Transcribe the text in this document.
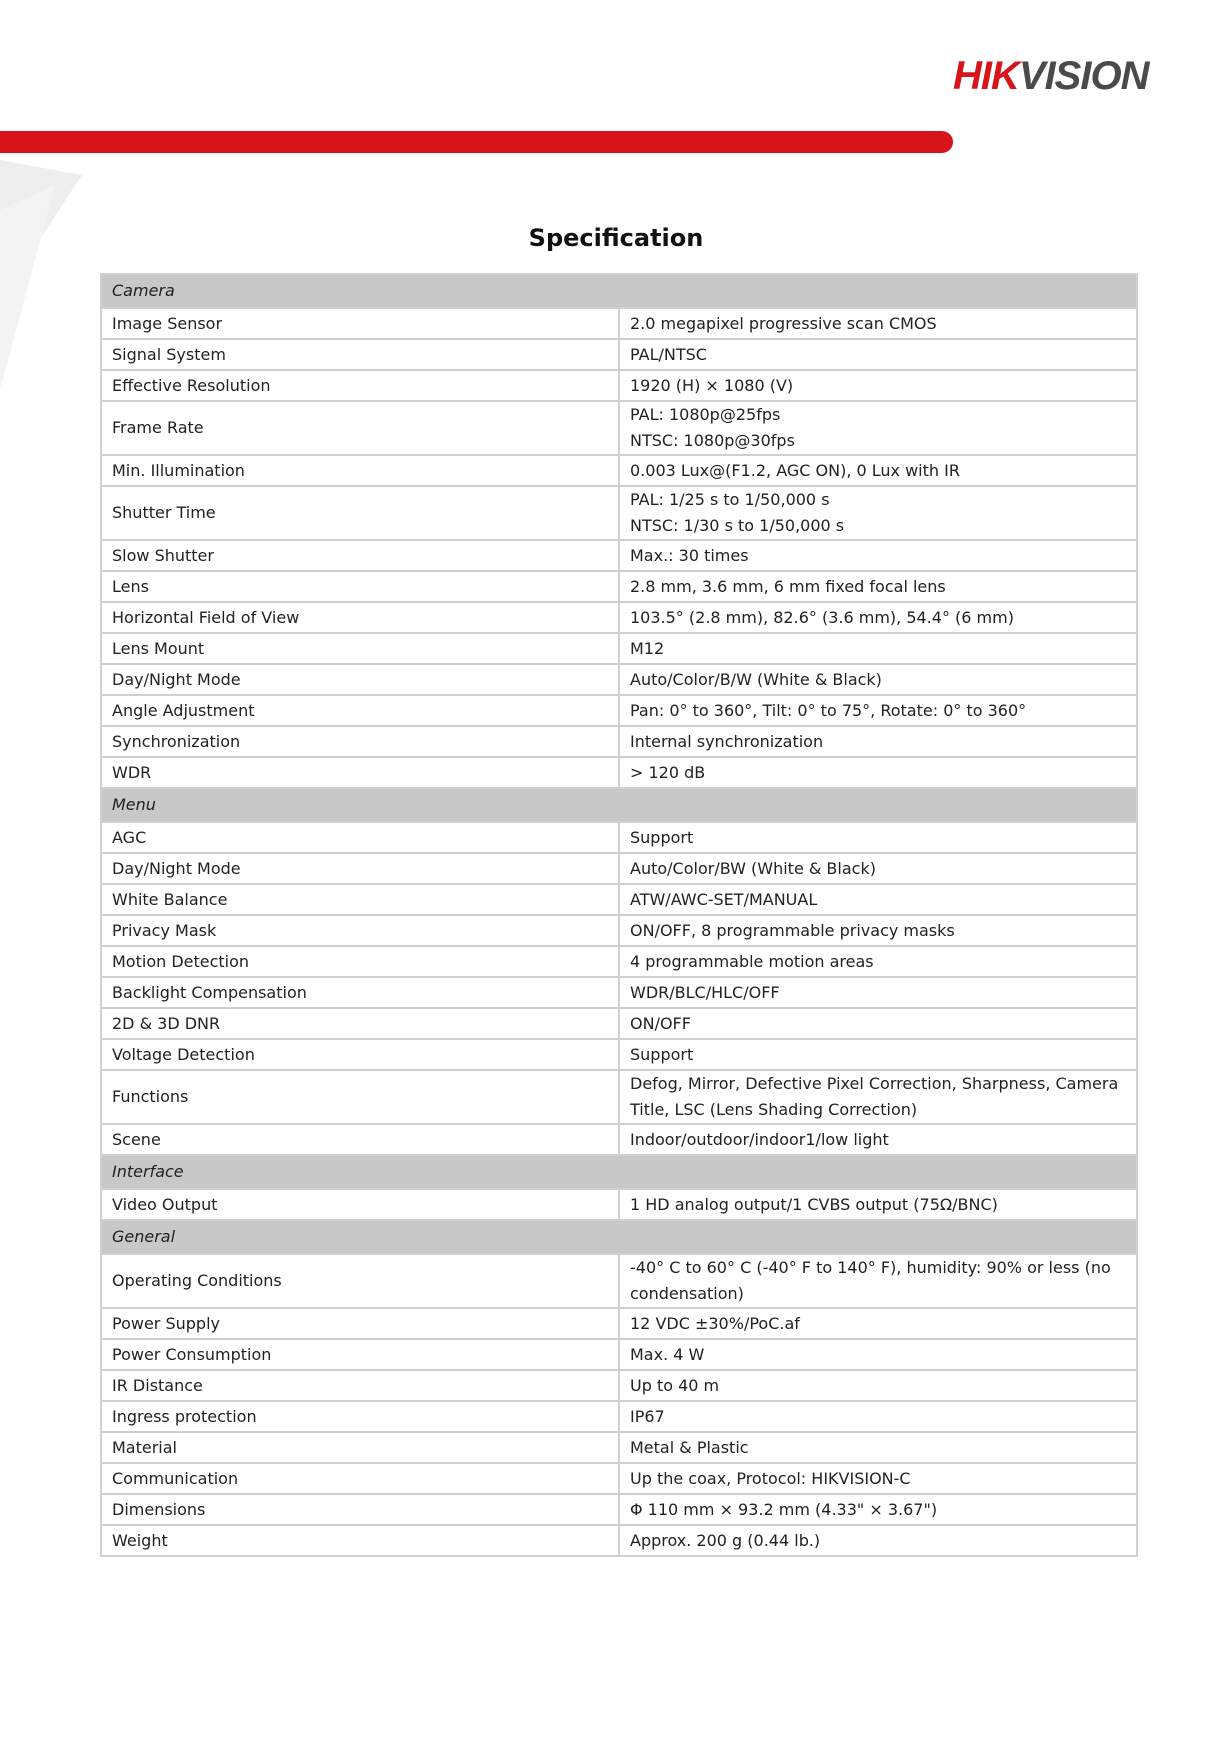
HIKVISION
Specification
Camera	
Image Sensor	2.0 megapixel progressive scan CMOS

Signal System	PAL/NTSC

Effective Resolution	1920 (H) × 1080 (V)

Frame Rate	PAL: 1080p@25fps
NTSC: 1080p@30fps

Min. Illumination	0.003 Lux@(F1.2, AGC ON), 0 Lux with IR

Shutter Time	PAL: 1/25 s to 1/50,000 s
NTSC: 1/30 s to 1/50,000 s

Slow Shutter	Max.: 30 times

Lens	2.8 mm, 3.6 mm, 6 mm fixed focal lens

Horizontal Field of View	103.5° (2.8 mm), 82.6° (3.6 mm), 54.4° (6 mm)

Lens Mount	M12

Day/Night Mode	Auto/Color/B/W (White & Black)

Angle Adjustment	Pan: 0° to 360°, Tilt: 0° to 75°, Rotate: 0° to 360°

Synchronization	Internal synchronization

WDR	> 120 dB

Menu	
AGC	Support

Day/Night Mode	Auto/Color/BW (White & Black)

White Balance	ATW/AWC-SET/MANUAL

Privacy Mask	ON/OFF, 8 programmable privacy masks

Motion Detection	4 programmable motion areas

Backlight Compensation	WDR/BLC/HLC/OFF

2D & 3D DNR	ON/OFF

Voltage Detection	Support

Functions	Defog, Mirror, Defective Pixel Correction, Sharpness, Camera Title, LSC (Lens Shading Correction)

Scene	Indoor/outdoor/indoor1/low light

Interface	
Video Output	1 HD analog output/1 CVBS output (75Ω/BNC)

General	
Operating Conditions	-40° C to 60° C (-40° F to 140° F), humidity: 90% or less (no condensation)

Power Supply	12 VDC ±30%/PoC.af

Power Consumption	Max. 4 W

IR Distance	Up to 40 m

Ingress protection	IP67

Material	Metal & Plastic

Communication	Up the coax, Protocol: HIKVISION-C

Dimensions	Φ 110 mm × 93.2 mm (4.33" × 3.67")

Weight	Approx. 200 g (0.44 lb.)
